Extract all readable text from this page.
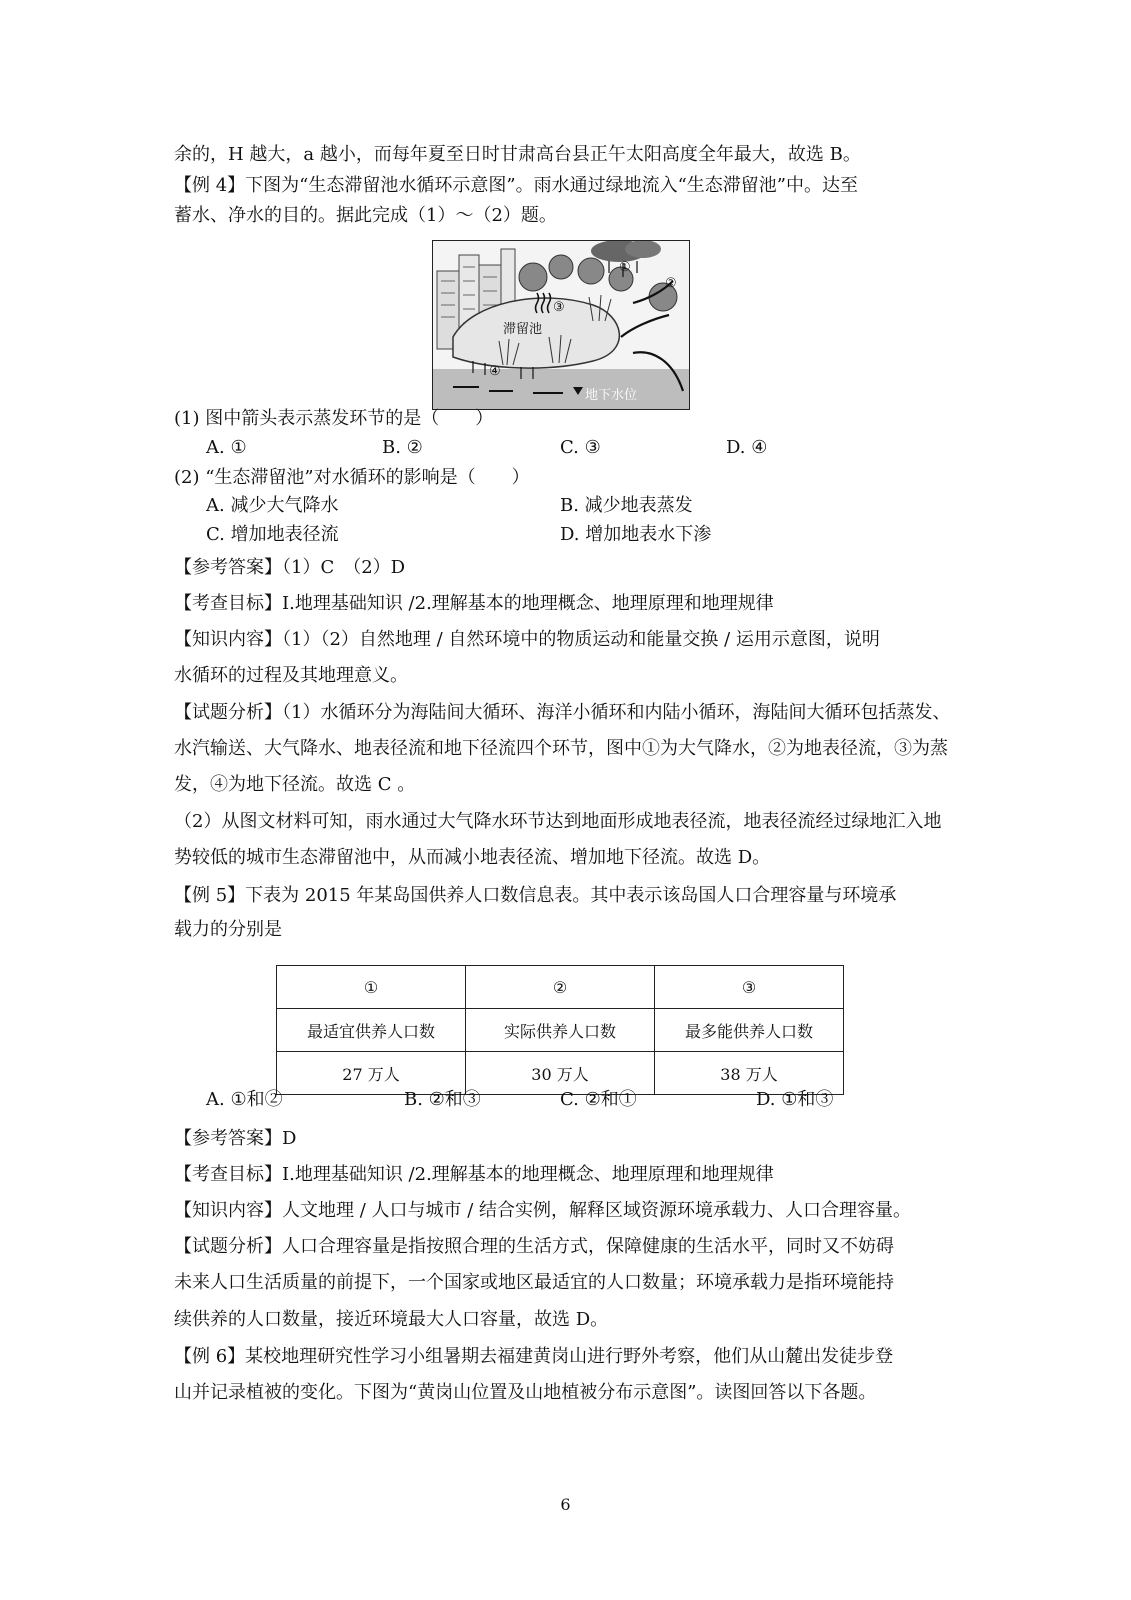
余的，H 越大，a 越小，而每年夏至日时甘肃高台县正午太阳高度全年最大，故选 B。
【例 4】下图为“生态滞留池水循环示意图”。雨水通过绿地流入“生态滞留池”中。达至
蓄水、净水的目的。据此完成（1）～（2）题。
滞留池
地下水位
①
②
③
④
(1) 图中箭头表示蒸发环节的是（　　）
A. ①	B. ②	C. ③	D. ④
(2) “生态滞留池”对水循环的影响是（　　）
A. 减少大气降水	B. 减少地表蒸发
C. 增加地表径流	D. 增加地表水下渗
【参考答案】（1）C　（2）D
【考查目标】I.地理基础知识 /2.理解基本的地理概念、地理原理和地理规律
【知识内容】（1）（2）自然地理 / 自然环境中的物质运动和能量交换 / 运用示意图，说明
水循环的过程及其地理意义。
【试题分析】（1）水循环分为海陆间大循环、海洋小循环和内陆小循环，海陆间大循环包括蒸发、
水汽输送、大气降水、地表径流和地下径流四个环节，图中①为大气降水，②为地表径流，③为蒸
发，④为地下径流。故选 C 。
（2）从图文材料可知，雨水通过大气降水环节达到地面形成地表径流，地表径流经过绿地汇入地
势较低的城市生态滞留池中，从而减小地表径流、增加地下径流。故选 D。
【例 5】下表为 2015 年某岛国供养人口数信息表。其中表示该岛国人口合理容量与环境承
载力的分别是
①	②	③
最适宜供养人口数	实际供养人口数	最多能供养人口数
27 万人	30 万人	38 万人
A. ①和②	B. ②和③	C. ②和①	D. ①和③
【参考答案】D
【考查目标】I.地理基础知识 /2.理解基本的地理概念、地理原理和地理规律
【知识内容】人文地理 / 人口与城市 / 结合实例，解释区域资源环境承载力、人口合理容量。
【试题分析】人口合理容量是指按照合理的生活方式，保障健康的生活水平，同时又不妨碍
未来人口生活质量的前提下，一个国家或地区最适宜的人口数量；环境承载力是指环境能持
续供养的人口数量，接近环境最大人口容量，故选 D。
【例 6】某校地理研究性学习小组暑期去福建黄岗山进行野外考察，他们从山麓出发徒步登
山并记录植被的变化。下图为“黄岗山位置及山地植被分布示意图”。读图回答以下各题。
6
